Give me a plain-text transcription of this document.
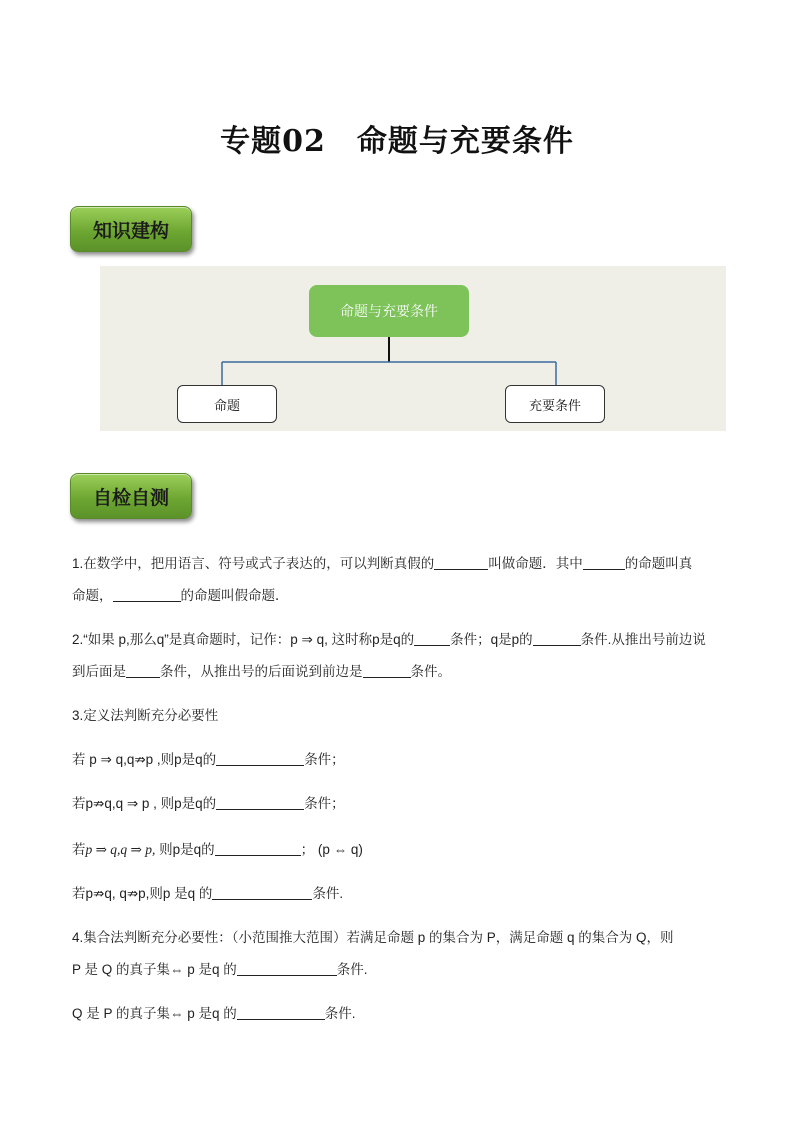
专题02　命题与充要条件
知识建构
命题与充要条件
命题	充要条件
自检自测
1.在数学中，把用语言、符号或式子表达的，可以判断真假的	叫做命题．其中	的命题叫真
命题，	的命题叫假命题．
2.“如果 p,那么q”是真命题时，记作：p ⇒ q, 这时称p是q的	条件；q是p的	条件.从推出号前边说
到后面是	条件，从推出号的后面说到前边是	条件。
3.定义法判断充分必要性
若 p ⇒ q,q⇏p ,则p是q的	条件；
若p⇏q,q ⇒ p , 则p是q的	条件；
若p ⇒ q,q ⇒ p, 则p是q的	； (p ⇔ q)
若p⇏q, q⇏p,则p 是q 的	条件.
4.集合法判断充分必要性：（小范围推大范围）若满足命题 p 的集合为 P，满足命题 q 的集合为 Q，则
P 是 Q 的真子集⇔ p 是q 的	条件.
Q 是 P 的真子集⇔ p 是q 的	条件.
